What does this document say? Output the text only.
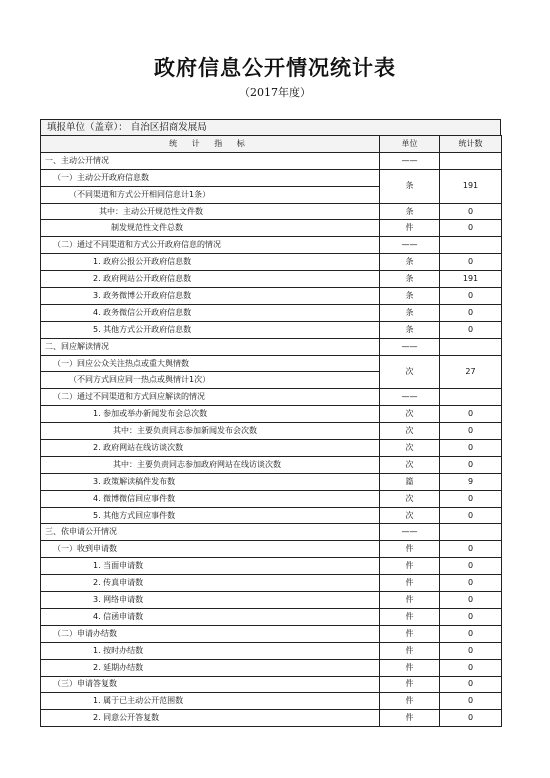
政府信息公开情况统计表
（2017年度）
填报单位（盖章）： 自治区招商发展局
统 计 指 标	单位	统计数
一、主动公开情况	——	
（一）主动公开政府信息数	条	191
（不同渠道和方式公开相同信息计1条）		
其中：主动公开规范性文件数	条	0
制发规范性文件总数	件	0
（二）通过不同渠道和方式公开政府信息的情况	——	
1. 政府公报公开政府信息数	条	0
2. 政府网站公开政府信息数	条	191
3. 政务微博公开政府信息数	条	0
4. 政务微信公开政府信息数	条	0
5. 其他方式公开政府信息数	条	0
二、回应解读情况	——	
（一）回应公众关注热点或重大舆情数	次	27
（不同方式回应同一热点或舆情计1次）		
（二）通过不同渠道和方式回应解读的情况	——	
1. 参加或举办新闻发布会总次数	次	0
其中：主要负责同志参加新闻发布会次数	次	0
2. 政府网站在线访谈次数	次	0
其中：主要负责同志参加政府网站在线访谈次数	次	0
3. 政策解读稿件发布数	篇	9
4. 微博微信回应事件数	次	0
5. 其他方式回应事件数	次	0
三、依申请公开情况	——	
（一）收到申请数	件	0
1. 当面申请数	件	0
2. 传真申请数	件	0
3. 网络申请数	件	0
4. 信函申请数	件	0
（二）申请办结数	件	0
1. 按时办结数	件	0
2. 延期办结数	件	0
（三）申请答复数	件	0
1. 属于已主动公开范围数	件	0
2. 同意公开答复数	件	0
